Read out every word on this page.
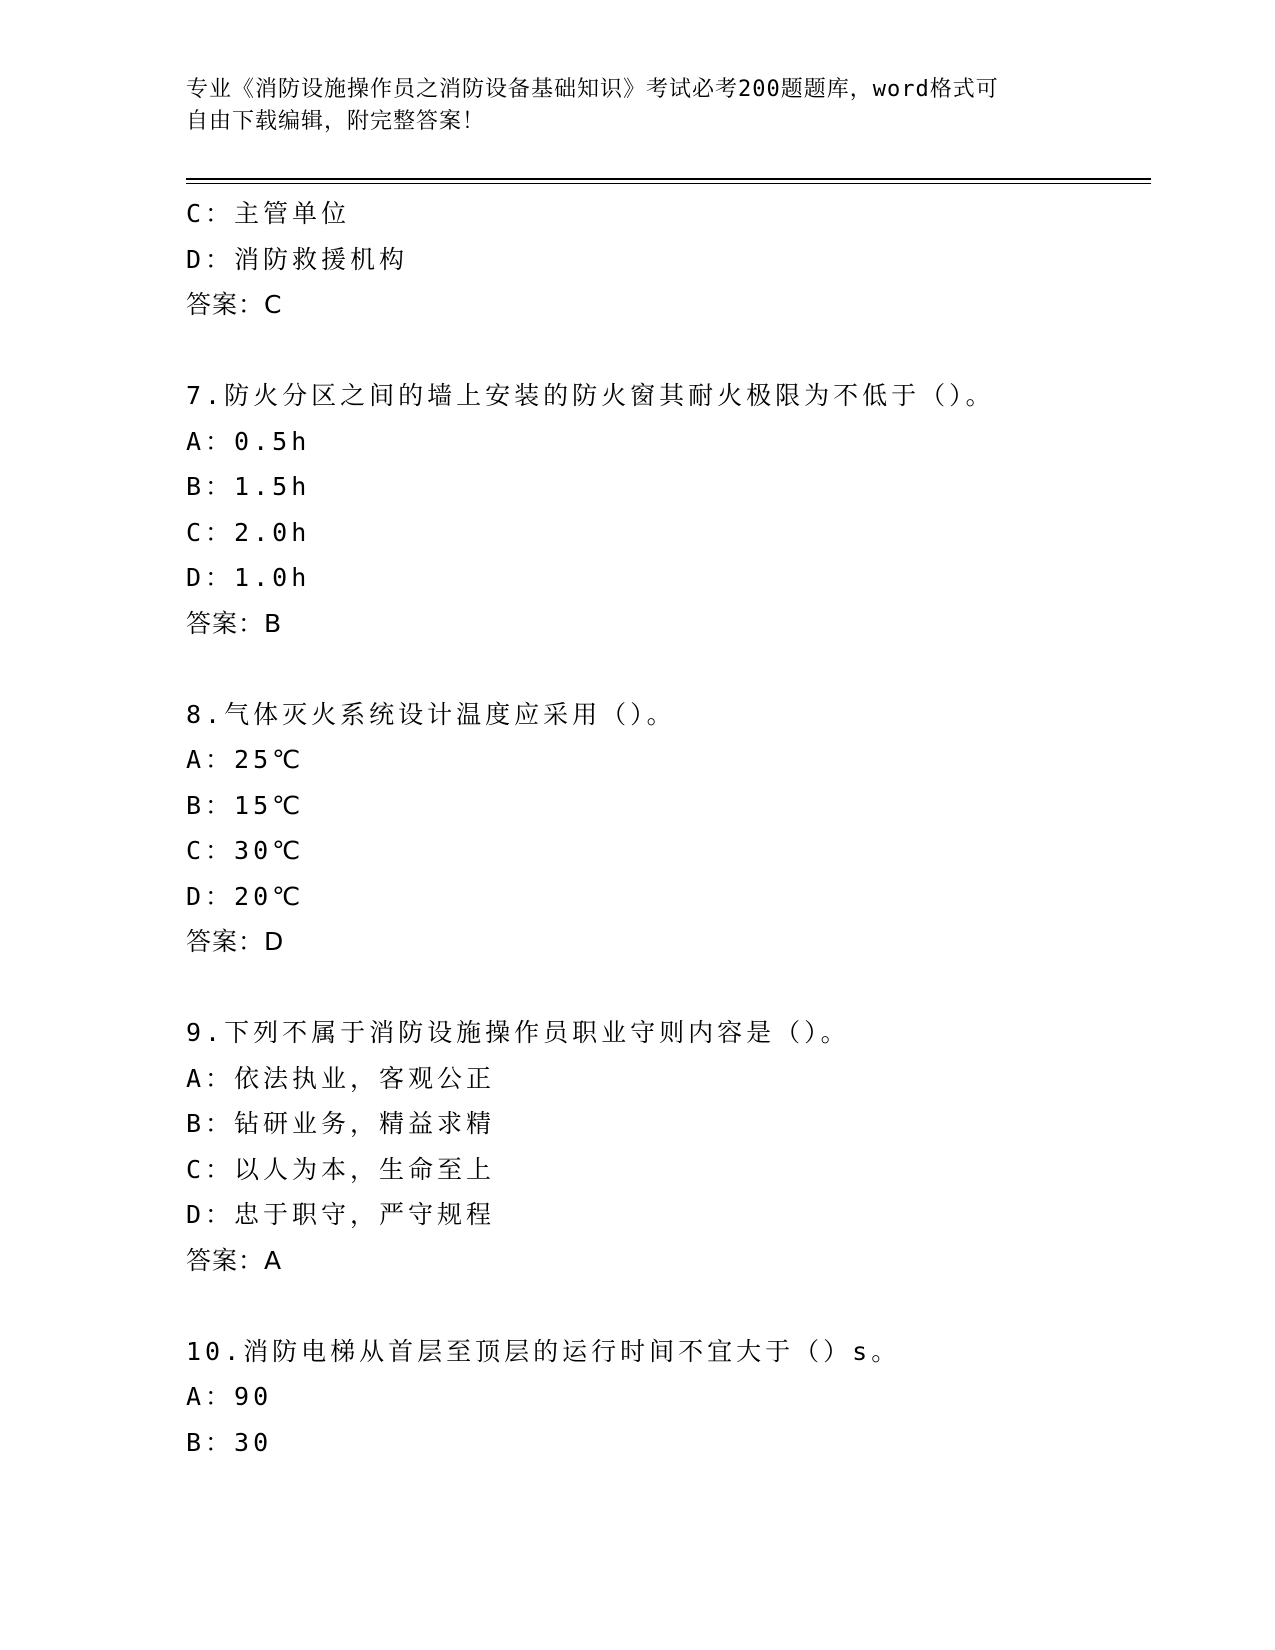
专业《消防设施操作员之消防设备基础知识》考试必考200题题库，word格式可
自由下载编辑，附完整答案！
C：主管单位
D：消防救援机构
答案：C
7.防火分区之间的墙上安装的防火窗其耐火极限为不低于（）。
A：0.5h
B：1.5h
C：2.0h
D：1.0h
答案：B
8.气体灭火系统设计温度应采用（）。
A：25℃
B：15℃
C：30℃
D：20℃
答案：D
9.下列不属于消防设施操作员职业守则内容是（）。
A：依法执业，客观公正
B：钻研业务，精益求精
C：以人为本，生命至上
D：忠于职守，严守规程
答案：A
10.消防电梯从首层至顶层的运行时间不宜大于（）s。
A：90
B：30
